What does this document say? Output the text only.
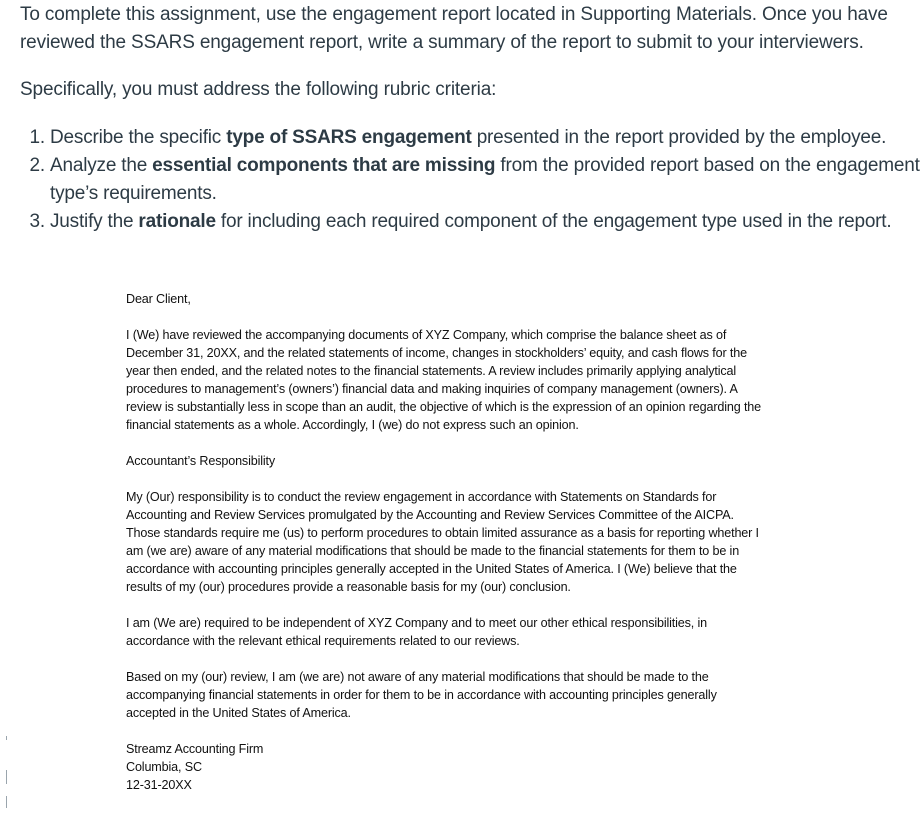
To complete this assignment, use the engagement report located in Supporting Materials. Once you have reviewed the SSARS engagement report, write a summary of the report to submit to your interviewers.

Specifically, you must address the following rubric criteria:

1. Describe the specific type of SSARS engagement presented in the report provided by the employee.
2. Analyze the essential components that are missing from the provided report based on the engagement type’s requirements.
3. Justify the rationale for including each required component of the engagement type used in the report.

Dear Client,

I (We) have reviewed the accompanying documents of XYZ Company, which comprise the balance sheet as of December 31, 20XX, and the related statements of income, changes in stockholders’ equity, and cash flows for the year then ended, and the related notes to the financial statements. A review includes primarily applying analytical procedures to management’s (owners’) financial data and making inquiries of company management (owners). A review is substantially less in scope than an audit, the objective of which is the expression of an opinion regarding the financial statements as a whole. Accordingly, I (we) do not express such an opinion.

Accountant’s Responsibility

My (Our) responsibility is to conduct the review engagement in accordance with Statements on Standards for Accounting and Review Services promulgated by the Accounting and Review Services Committee of the AICPA. Those standards require me (us) to perform procedures to obtain limited assurance as a basis for reporting whether I am (we are) aware of any material modifications that should be made to the financial statements for them to be in accordance with accounting principles generally accepted in the United States of America. I (We) believe that the results of my (our) procedures provide a reasonable basis for my (our) conclusion.

I am (We are) required to be independent of XYZ Company and to meet our other ethical responsibilities, in accordance with the relevant ethical requirements related to our reviews.

Based on my (our) review, I am (we are) not aware of any material modifications that should be made to the accompanying financial statements in order for them to be in accordance with accounting principles generally accepted in the United States of America.

Streamz Accounting Firm
Columbia, SC
12-31-20XX
